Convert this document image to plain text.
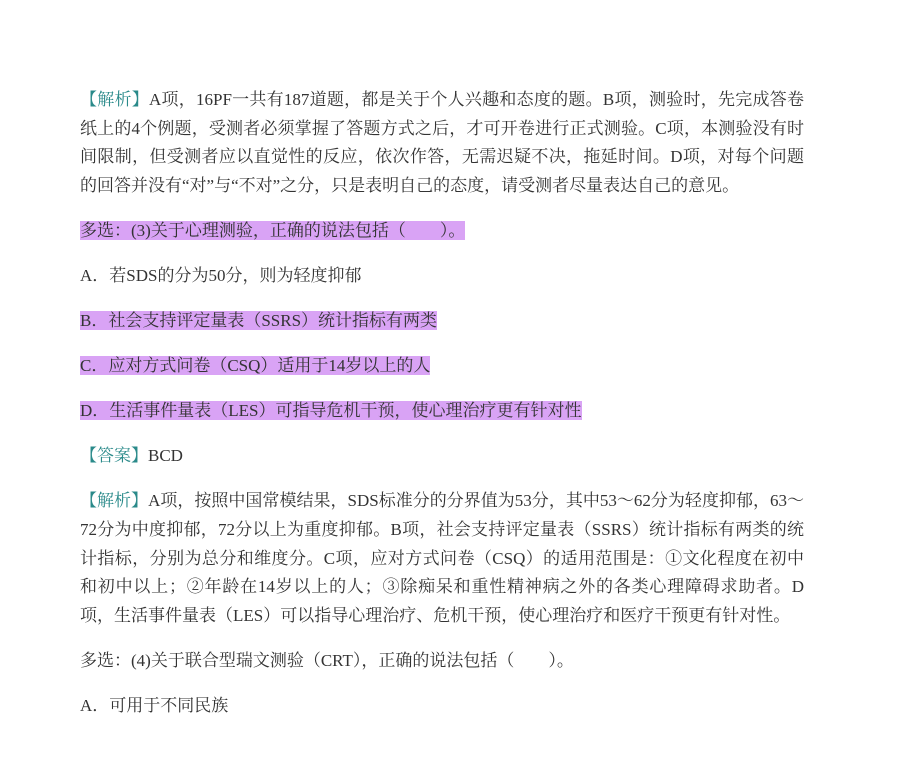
【解析】A项，16PF一共有187道题，都是关于个人兴趣和态度的题。B项，测验时，先完成答卷纸上的4个例题，受测者必须掌握了答题方式之后，才可开卷进行正式测验。C项，本测验没有时间限制，但受测者应以直觉性的反应，依次作答，无需迟疑不决，拖延时间。D项，对每个问题的回答并没有“对”与“不对”之分，只是表明自己的态度，请受测者尽量表达自己的意见。

多选：(3)关于心理测验，正确的说法包括（　　）。

A．若SDS的分为50分，则为轻度抑郁

B．社会支持评定量表（SSRS）统计指标有两类

C．应对方式问卷（CSQ）适用于14岁以上的人

D．生活事件量表（LES）可指导危机干预，使心理治疗更有针对性

【答案】BCD

【解析】A项，按照中国常模结果，SDS标准分的分界值为53分，其中53～62分为轻度抑郁，63～72分为中度抑郁，72分以上为重度抑郁。B项，社会支持评定量表（SSRS）统计指标有两类的统计指标，分别为总分和维度分。C项，应对方式问卷（CSQ）的适用范围是：①文化程度在初中和初中以上；②年龄在14岁以上的人；③除痴呆和重性精神病之外的各类心理障碍求助者。D项，生活事件量表（LES）可以指导心理治疗、危机干预，使心理治疗和医疗干预更有针对性。

多选：(4)关于联合型瑞文测验（CRT），正确的说法包括（　　）。

A．可用于不同民族
